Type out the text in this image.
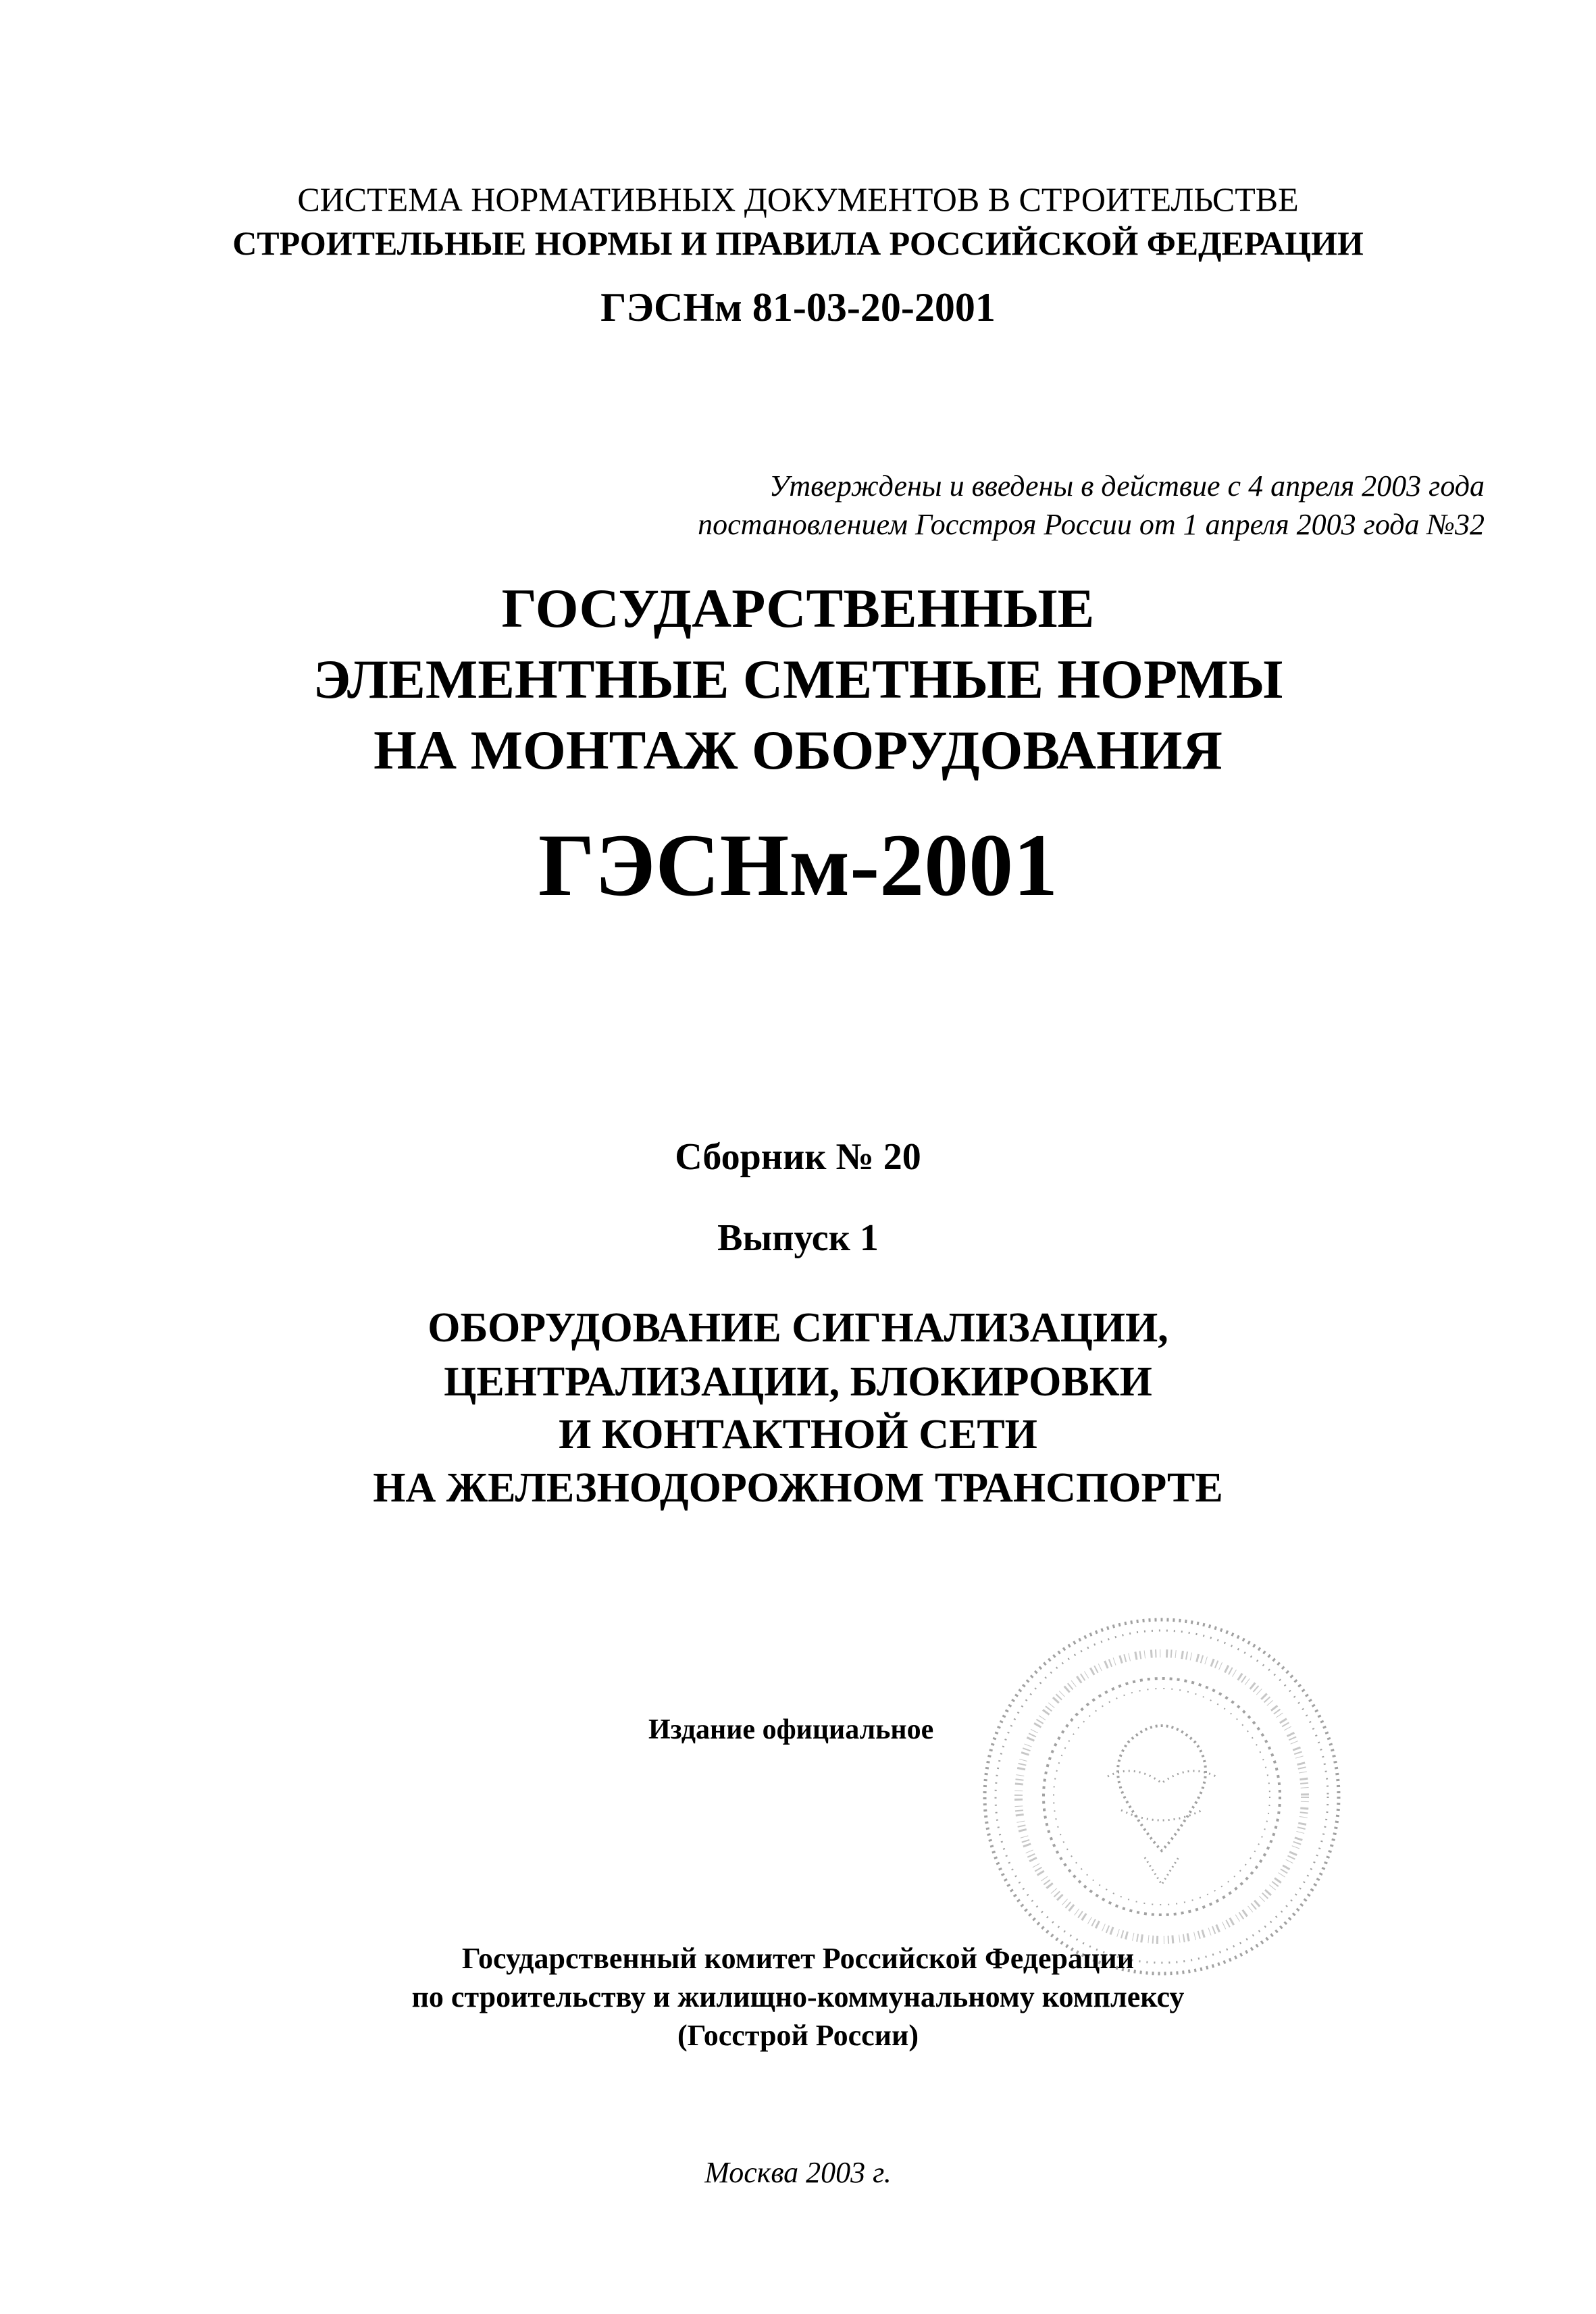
СИСТЕМА НОРМАТИВНЫХ ДОКУМЕНТОВ В СТРОИТЕЛЬСТВЕ
СТРОИТЕЛЬНЫЕ НОРМЫ И ПРАВИЛА РОССИЙСКОЙ ФЕДЕРАЦИИ
ГЭСНм 81-03-20-2001
Утверждены и введены в действие с 4 апреля 2003 года
постановлением Госстроя России от 1 апреля 2003 года №32
ГОСУДАРСТВЕННЫЕ
ЭЛЕМЕНТНЫЕ СМЕТНЫЕ НОРМЫ
НА МОНТАЖ ОБОРУДОВАНИЯ
ГЭСНм-2001
Сборник № 20
Выпуск 1
ОБОРУДОВАНИЕ СИГНАЛИЗАЦИИ,
ЦЕНТРАЛИЗАЦИИ, БЛОКИРОВКИ
И КОНТАКТНОЙ СЕТИ
НА ЖЕЛЕЗНОДОРОЖНОМ ТРАНСПОРТЕ
Издание официальное
Государственный комитет Российской Федерации
по строительству и жилищно-коммунальному комплексу
(Госстрой России)
Москва 2003 г.
